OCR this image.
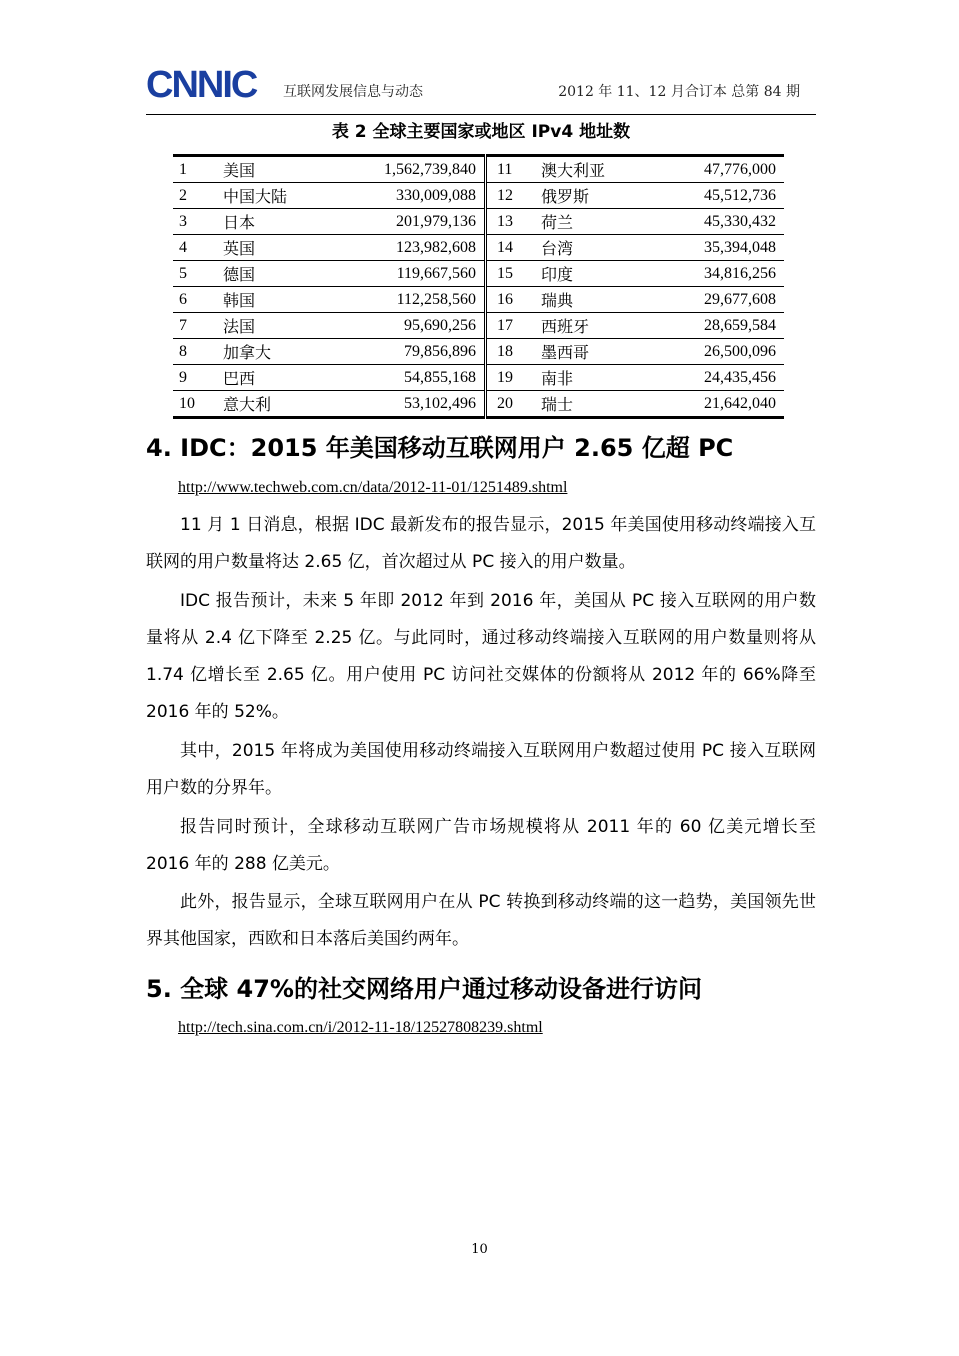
CNNIC 互联网发展信息与动态	2012 年 11、12 月合订本 总第 84 期
表 2 全球主要国家或地区 IPv4 地址数
1	美国	1,562,739,840	11	澳大利亚	47,776,000
2	中国大陆	330,009,088	12	俄罗斯	45,512,736
3	日本	201,979,136	13	荷兰	45,330,432
4	英国	123,982,608	14	台湾	35,394,048
5	德国	119,667,560	15	印度	34,816,256
6	韩国	112,258,560	16	瑞典	29,677,608
7	法国	95,690,256	17	西班牙	28,659,584
8	加拿大	79,856,896	18	墨西哥	26,500,096
9	巴西	54,855,168	19	南非	24,435,456
10	意大利	53,102,496	20	瑞士	21,642,040
4. IDC：2015 年美国移动互联网用户 2.65 亿超 PC
http://www.techweb.com.cn/data/2012-11-01/1251489.shtml

11 月 1 日消息，根据 IDC 最新发布的报告显示，2015 年美国使用移动终端接入互联网的用户数量将达 2.65 亿，首次超过从 PC 接入的用户数量。

IDC 报告预计，未来 5 年即 2012 年到 2016 年，美国从 PC 接入互联网的用户数量将从 2.4 亿下降至 2.25 亿。与此同时，通过移动终端接入互联网的用户数量则将从 1.74 亿增长至 2.65 亿。用户使用 PC 访问社交媒体的份额将从 2012 年的 66%降至 2016 年的 52%。

其中，2015 年将成为美国使用移动终端接入互联网用户数超过使用 PC 接入互联网用户数的分界年。

报告同时预计，全球移动互联网广告市场规模将从 2011 年的 60 亿美元增长至 2016 年的 288 亿美元。

此外，报告显示，全球互联网用户在从 PC 转换到移动终端的这一趋势，美国领先世界其他国家，西欧和日本落后美国约两年。

5. 全球 47%的社交网络用户通过移动设备进行访问
http://tech.sina.com.cn/i/2012-11-18/12527808239.shtml
10
